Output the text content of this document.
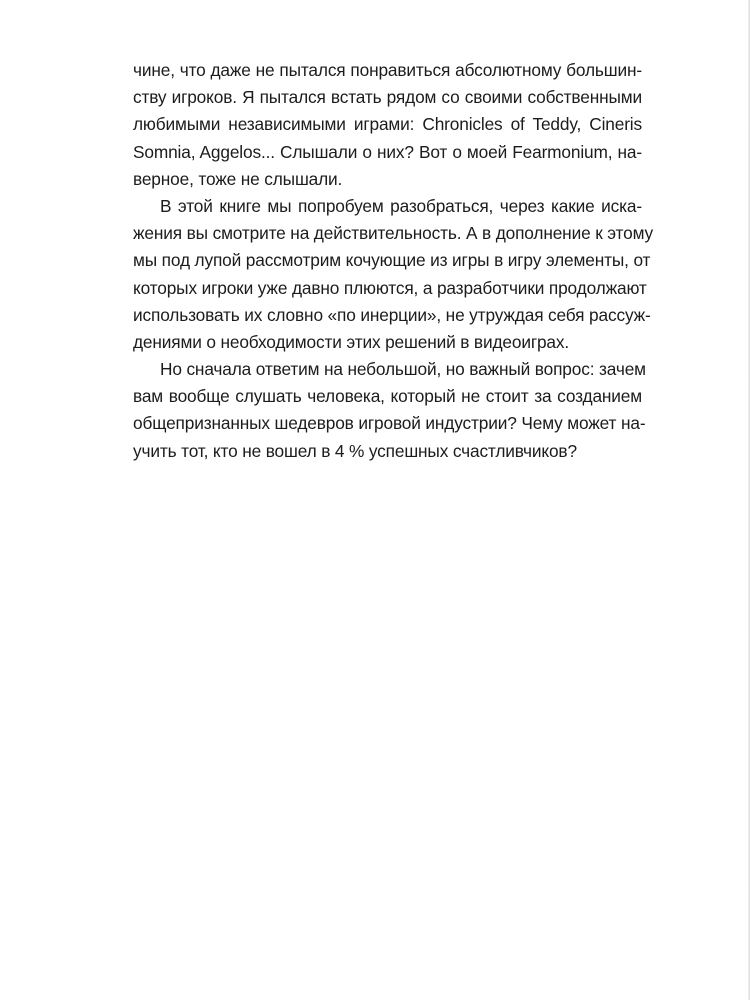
чине, что даже не пытался понравиться абсолютному большин-
ству игроков. Я пытался встать рядом со своими собственными
любимыми независимыми играми: Chronicles of Teddy, Cineris
Somnia, Aggelos... Слышали о них? Вот о моей Fearmonium, на-
верное, тоже не слышали.
В этой книге мы попробуем разобраться, через какие иска-
жения вы смотрите на действительность. А в дополнение к этому
мы под лупой рассмотрим кочующие из игры в игру элементы, от
которых игроки уже давно плюются, а разработчики продолжают
использовать их словно «по инерции», не утруждая себя рассуж-
дениями о необходимости этих решений в видеоиграх.
Но сначала ответим на небольшой, но важный вопрос: зачем
вам вообще слушать человека, который не стоит за созданием
общепризнанных шедевров игровой индустрии? Чему может на-
учить тот, кто не вошел в 4 % успешных счастливчиков?
